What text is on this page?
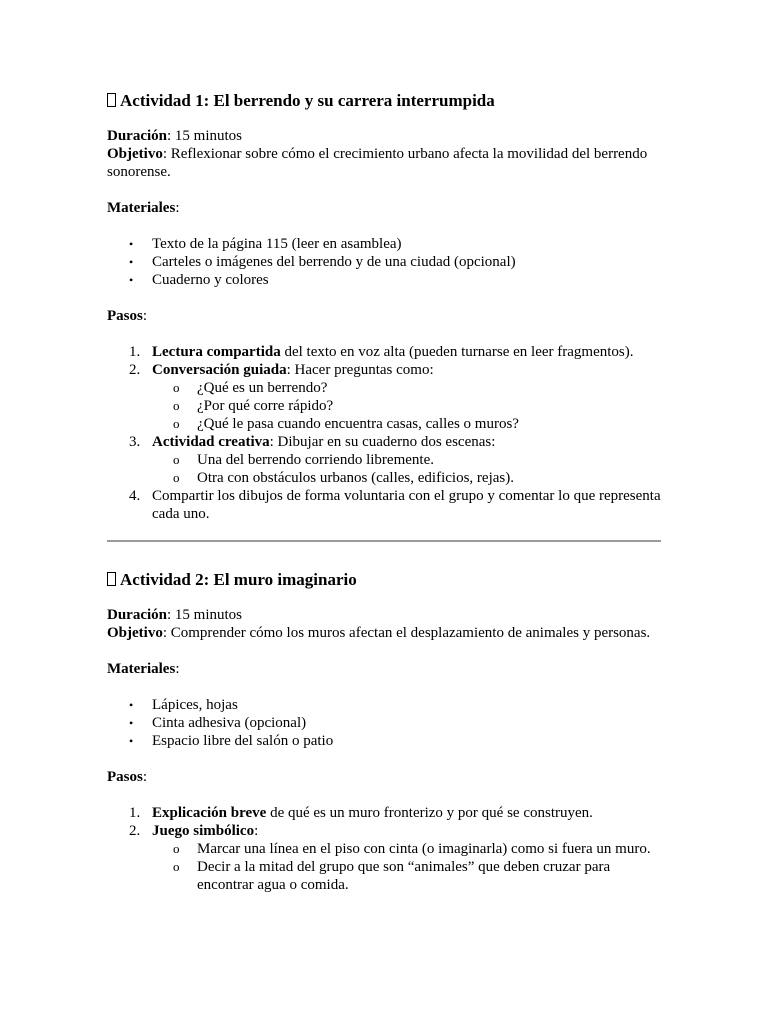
Actividad 1: El berrendo y su carrera interrumpida

Duración: 15 minutos

Objetivo: Reflexionar sobre cómo el crecimiento urbano afecta la movilidad del berrendo sonorense.

Materiales:

• Texto de la página 115 (leer en asamblea)
• Carteles o imágenes del berrendo y de una ciudad (opcional)
• Cuaderno y colores

Pasos:

1. Lectura compartida del texto en voz alta (pueden turnarse en leer fragmentos).
2. Conversación guiada: Hacer preguntas como:
o ¿Qué es un berrendo?
o ¿Por qué corre rápido?
o ¿Qué le pasa cuando encuentra casas, calles o muros?
3. Actividad creativa: Dibujar en su cuaderno dos escenas:
o Una del berrendo corriendo libremente.
o Otra con obstáculos urbanos (calles, edificios, rejas).
4. Compartir los dibujos de forma voluntaria con el grupo y comentar lo que representa cada uno.
Actividad 2: El muro imaginario

Duración: 15 minutos

Objetivo: Comprender cómo los muros afectan el desplazamiento de animales y personas.

Materiales:

• Lápices, hojas
• Cinta adhesiva (opcional)
• Espacio libre del salón o patio

Pasos:

1. Explicación breve de qué es un muro fronterizo y por qué se construyen.
2. Juego simbólico:
o Marcar una línea en el piso con cinta (o imaginarla) como si fuera un muro.
o Decir a la mitad del grupo que son “animales” que deben cruzar para encontrar agua o comida.
